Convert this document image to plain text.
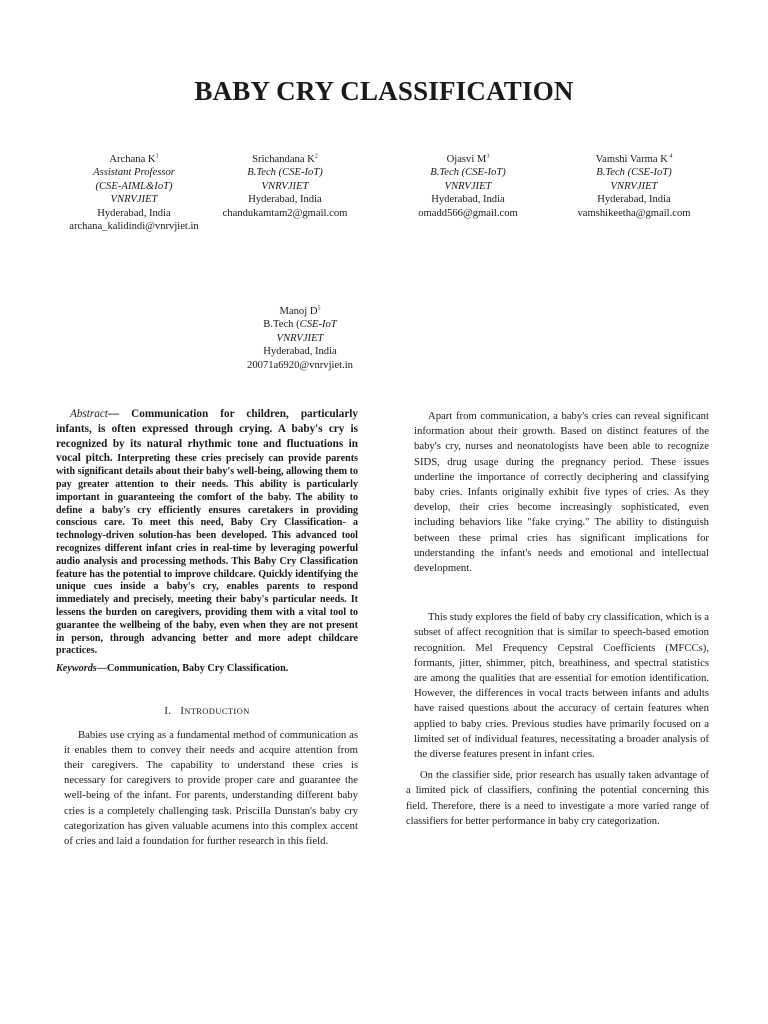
BABY CRY CLASSIFICATION
Archana $K^1$
Assistant Professor
(CSE-AIML&IoT)
VNRVJIET
Hyderabad, India
archana_kalidindi@vnrvjiet.in
Srichandana $K^2$
B.Tech (CSE-IoT)
VNRVJIET
Hyderabad, India
chandukamtam2@gmail.com
Ojasvi $M^3$
B.Tech (CSE-IoT)
VNRVJIET
Hyderabad, India
omadd566@gmail.com
Vamshi Varma K $^4$
B.Tech (CSE-IoT)
VNRVJIET
Hyderabad, India
vamshikeetha@gmail.com
Manoj $D^5$
B.Tech (CSE-IoT
VNRVJIET
Hyderabad, India
20071a6920@vnrvjiet.in

Abstract— Communication for children, particularly infants, is often expressed through crying. A baby's cry is recognized by its natural rhythmic tone and fluctuations in vocal pitch. Interpreting these cries precisely can provide parents with significant details about their baby's well-being, allowing them to pay greater attention to their needs. This ability is particularly important in guaranteeing the comfort of the baby. The ability to define a baby's cry efficiently ensures caretakers in providing conscious care. To meet this need, Baby Cry Classification- a technology-driven solution-has been developed. This advanced tool recognizes different infant cries in real-time by leveraging powerful audio analysis and processing methods. This Baby Cry Classification feature has the potential to improve childcare. Quickly identifying the unique cues inside a baby's cry, enables parents to respond immediately and precisely, meeting their baby's particular needs. It lessens the burden on caregivers, providing them with a vital tool to guarantee the wellbeing of the baby, even when they are not present in person, through advancing better and more adept childcare practices.

Keywords—Communication, Baby Cry Classification.

I. INTRODUCTION

Babies use crying as a fundamental method of communication as it enables them to convey their needs and acquire attention from their caregivers. The capability to understand these cries is necessary for caregivers to provide proper care and guarantee the well-being of the infant. For parents, understanding different baby cries is a completely challenging task. Priscilla Dunstan's baby cry categorization has given valuable acumens into this complex accent of cries and laid a foundation for further research in this field.

Apart from communication, a baby's cries can reveal significant information about their growth. Based on distinct features of the baby's cry, nurses and neonatologists have been able to recognize SIDS, drug usage during the pregnancy period. These issues underline the importance of correctly deciphering and classifying baby cries. Infants originally exhibit five types of cries. As they develop, their cries become increasingly sophisticated, even including behaviors like "fake crying." The ability to distinguish between these primal cries has significant implications for understanding the infant's needs and emotional and intellectual development.

This study explores the field of baby cry classification, which is a subset of affect recognition that is similar to speech-based emotion recognition. Mel Frequency Cepstral Coefficients (MFCCs), formants, jitter, shimmer, pitch, breathiness, and spectral statistics are among the qualities that are essential for emotion identification. However, the differences in vocal tracts between infants and adults have raised questions about the accuracy of certain features when applied to baby cries. Previous studies have primarily focused on a limited set of individual features, necessitating a broader analysis of the diverse features present in infant cries.

On the classifier side, prior research has usually taken advantage of a limited pick of classifiers, confining the potential concerning this field. Therefore, there is a need to investigate a more varied range of classifiers for better performance in baby cry categorization.
